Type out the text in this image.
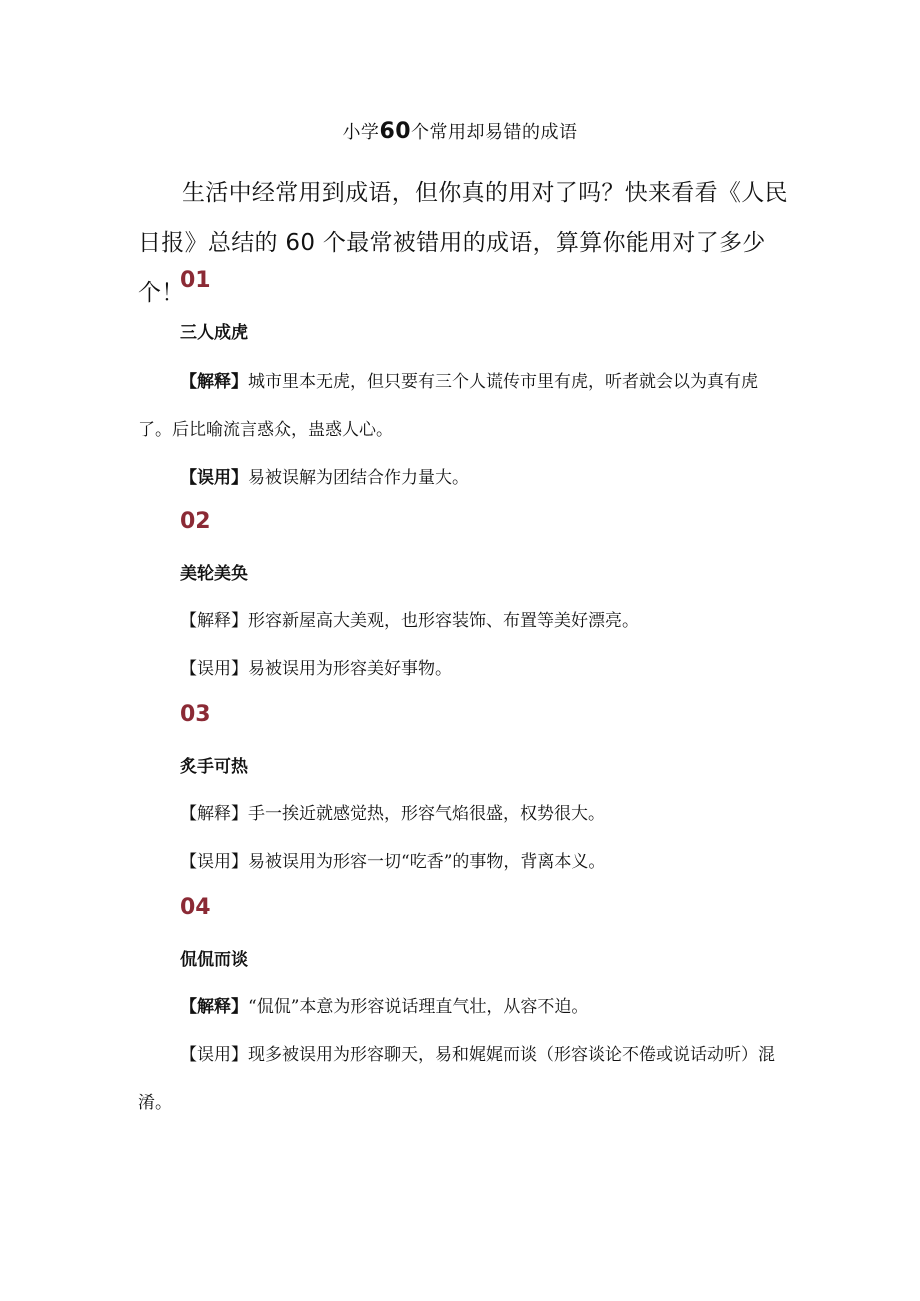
小学60个常用却易错的成语

生活中经常用到成语，但你真的用对了吗？快来看看《人民日报》总结的 60 个最常被错用的成语，算算你能用对了多少个！

01

三人成虎

【解释】城市里本无虎，但只要有三个人谎传市里有虎，听者就会以为真有虎了。后比喻流言惑众，蛊惑人心。

【误用】易被误解为团结合作力量大。

02

美轮美奂

【解释】形容新屋高大美观，也形容装饰、布置等美好漂亮。

【误用】易被误用为形容美好事物。

03

炙手可热

【解释】手一挨近就感觉热，形容气焰很盛，权势很大。

【误用】易被误用为形容一切“吃香”的事物，背离本义。

04

侃侃而谈

【解释】“侃侃”本意为形容说话理直气壮，从容不迫。

【误用】现多被误用为形容聊天，易和娓娓而谈（形容谈论不倦或说话动听）混淆。
